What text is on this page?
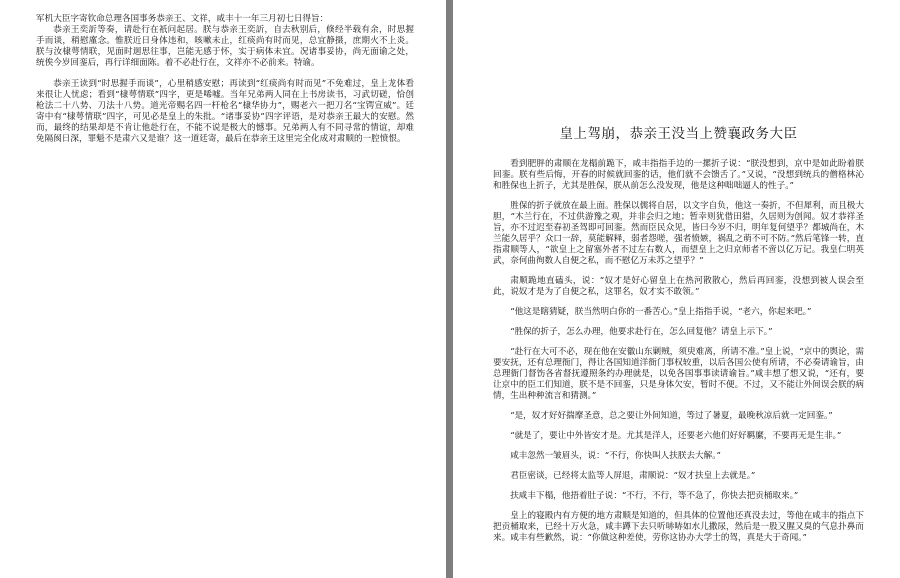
军机大臣字寄钦命总理各国事务恭亲王、文祥，咸丰十一年三月初七日得旨：

恭亲王奕訢等奏，请赴行在祇问起居。朕与恭亲王奕訢，自去秋别后，倏经半载有余，时思握手而谈，稍慰廑念。惟朕近日身体违和，咳嗽未止，红痰尚有时而见，总宜静摄，庶期火不上炎。朕与汝棣萼情联，见面时迴思往事，岂能无感于怀，实于病体未宜。况诸事妥协，尚无面谕之处，统俟今岁回銮后，再行详细面陈。着不必赴行在，文祥亦不必前来。特谕。

恭亲王读到“时思握手而谈”，心里稍感安慰；再读到“红痰尚有时而见”不免难过，皇上龙体看来很让人忧虑；看到“棣萼情联”四字，更是唏嘘。当年兄弟两人同在上书房读书，习武切磋，恰创枪法二十八势、刀法十八势。道光帝赐名四一杆枪名“棣华协力”，赐老六一把刀名“宝锷宣威”。廷寄中有“棣萼情联”四字，可见必是皇上的朱批。“诸事妥协”四字评语，是对恭亲王最大的安慰。然而，最终的结果却是不肯让他赴行在，不能不说是极大的憾事。兄弟两人有不同寻常的情谊，却难免隔阂日深，罪魁不是肃六又是谁？这一道廷寄，最后在恭亲王这里完全化成对肃顺的一腔愤恨。	皇上驾崩，恭亲王没当上赞襄政务大臣

看到肥胖的肃顺在龙榻前跪下，咸丰指指手边的一摞折子说：“朕没想到，京中是如此盼着朕回銮。朕有些后悔，开春的时候就回銮的话，他们就不会馈舌了。”又说，“没想到统兵的僧格林沁和胜保也上折子，尤其是胜保，朕从前怎么没发现，他是这种咄咄逼人的性子。”

胜保的折子就放在最上面。胜保以儒将自居，以文字自负，他这一奏折，不但犀利，而且极大胆，“木兰行在，不过供游豫之观，并非会归之地；暂幸则犹借田猎，久居则为创闻。奴才恭祥圣旨，亦不过迟至春初圣驾即可回銮。然而臣民众见，皆曰今岁不归，明年复何望乎？都城尚在，木兰能久居乎？众口一辞，莫能解释，弱者怨嗟，强者愤嫉，祸乱之萌不可不防。”然后笔锋一转，直指肃顺等人，“欲皇上之留塞外者不过左右数人，而望皇上之归京师者不啻以亿万记。我皇仁明英武，奈何曲徇数人自便之私，而不慰亿万未苏之望乎？”

肃顺跪地直磕头，说：“奴才是好心留皇上在热河散散心，然后再回銮，没想到被人误会至此，说奴才是为了自便之私，这罪名，奴才实不敢领。”

“他这是瞎猜疑，朕当然明白你的一番苦心。”皇上指指手说，“老六，你起来吧。”

“胜保的折子，怎么办理，他要求赴行在，怎么回复他？请皇上示下。”

“赴行在大可不必，现在他在安徽山东剿贼，须臾难离，所请不准。”皇上说，“京中的舆论，需要安抚，还有总理衙门，得让各国知道洋衙门事权较重，以后各国公使有所请，不必奏请谕旨，由总理衙门督饬各省督抚遵照条约办理就是，以免各国事事读请谕旨。”咸丰想了想又说，“还有，要让京中的臣工们知道，朕不是不回銮，只是身体欠安，暂时不便。不过，又不能让外间误会朕的病情，生出种种流言和猜测。”

“是，奴才好好揣摩圣意，总之要让外间知道，等过了暑夏，最晚秋凉后就一定回銮。”

“就是了，要让中外皆安才是。尤其是洋人，还要老六他们好好羁縻，不要再无是生非。”

咸丰忽然一皱眉头，说：“不行，你快叫人扶朕去大解。”

君臣密谈，已经将太监等人屏退，肃顺说：“奴才扶皇上去就是。”

扶咸丰下榻，他捂着肚子说：“不行，不行，等不急了，你快去把贡桶取来。”

皇上的寝殿内有方便的地方肃顺是知道的，但具体的位置他还真没去过，等他在咸丰的指点下把贡桶取来，已经十万火急，咸丰蹲下去只听哧哧如水儿撒尿，然后是一股又腥又臭的气息扑鼻而来。咸丰有些歉然，说：“你做这种差使，劳你这协办大学士的驾，真是大于奇闻。”
